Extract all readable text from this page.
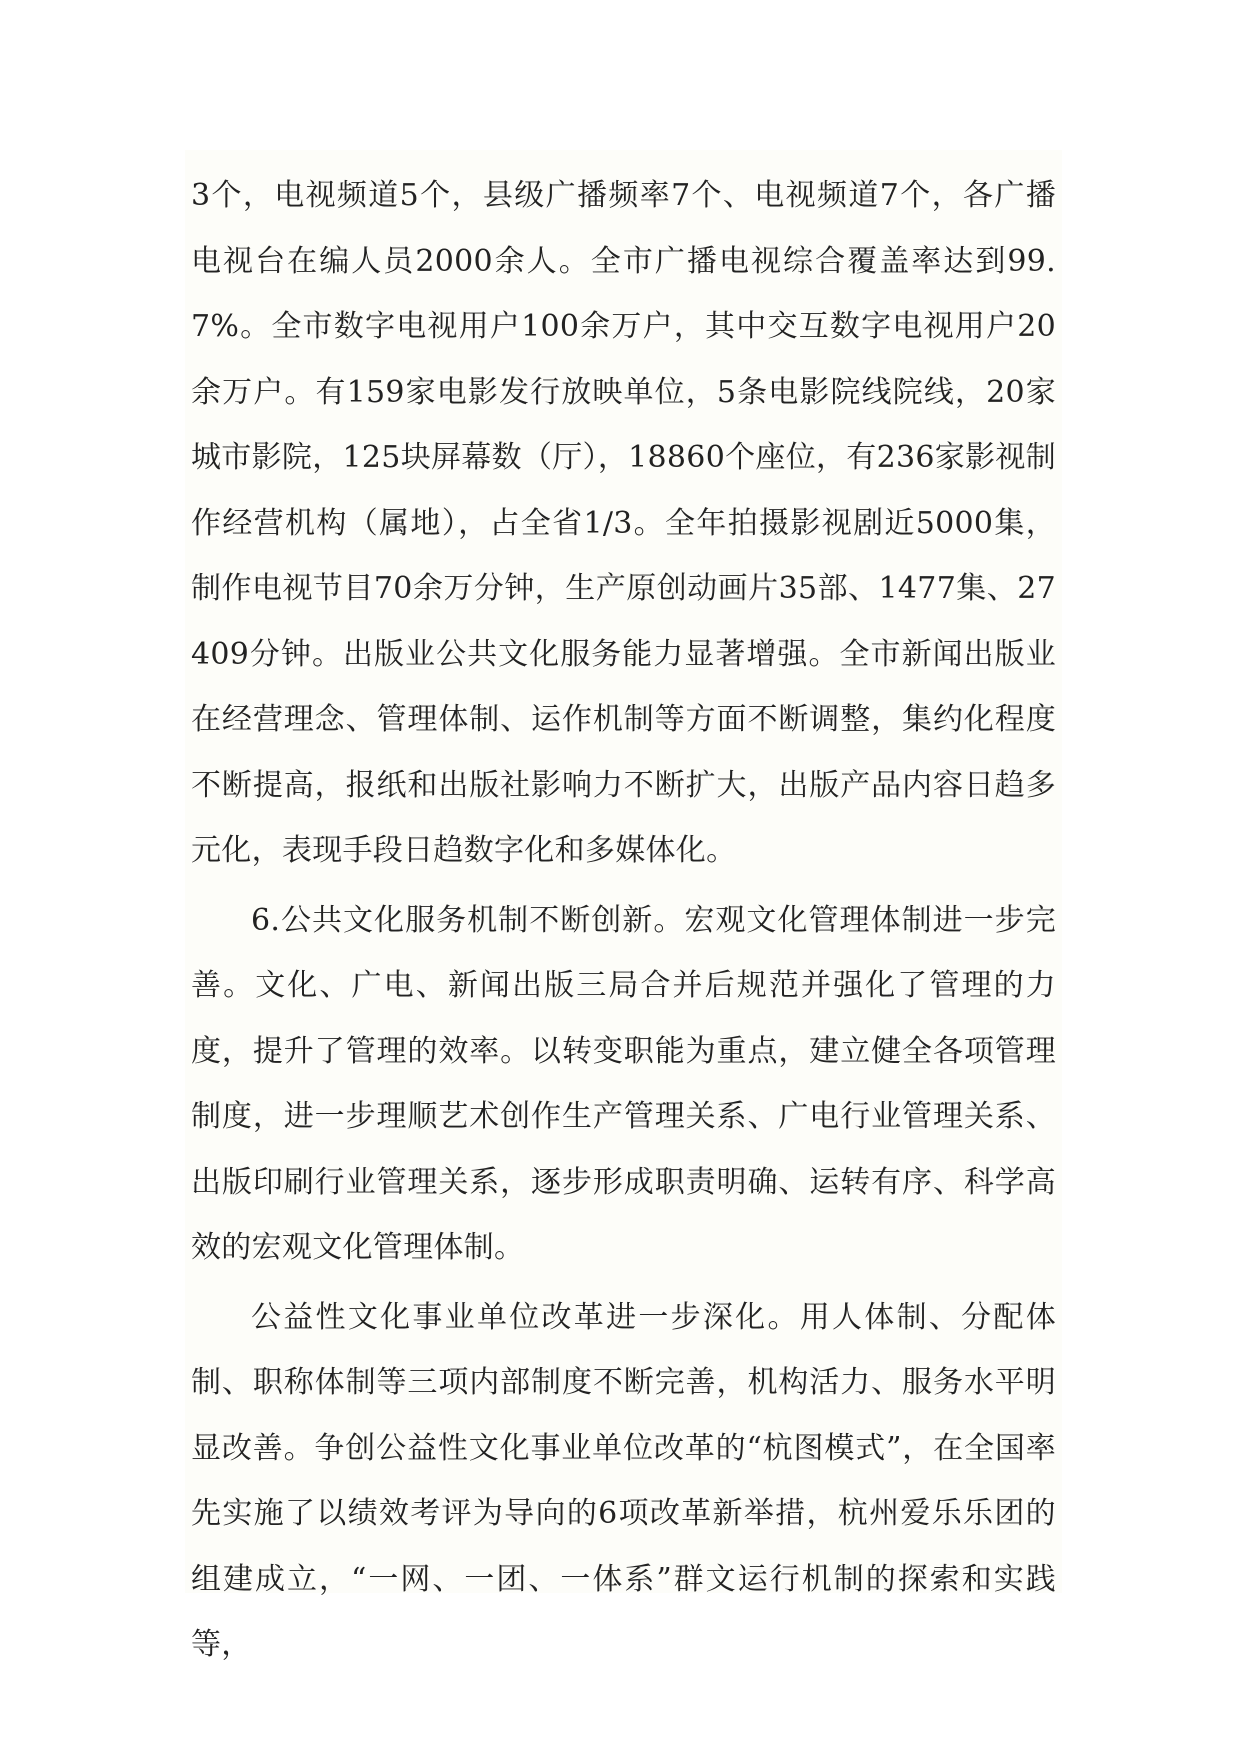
3个，电视频道5个，县级广播频率7个、电视频道7个，各广播电视台在编人员2000余人。全市广播电视综合覆盖率达到99.7%。全市数字电视用户100余万户，其中交互数字电视用户20余万户。有159家电影发行放映单位，5条电影院线院线，20家城市影院，125块屏幕数（厅），18860个座位，有236家影视制作经营机构（属地），占全省1/3。全年拍摄影视剧近5000集，制作电视节目70余万分钟，生产原创动画片35部、1477集、27409分钟。出版业公共文化服务能力显著增强。全市新闻出版业在经营理念、管理体制、运作机制等方面不断调整，集约化程度不断提高，报纸和出版社影响力不断扩大，出版产品内容日趋多元化，表现手段日趋数字化和多媒体化。

6.公共文化服务机制不断创新。宏观文化管理体制进一步完善。文化、广电、新闻出版三局合并后规范并强化了管理的力度，提升了管理的效率。以转变职能为重点，建立健全各项管理制度，进一步理顺艺术创作生产管理关系、广电行业管理关系、出版印刷行业管理关系，逐步形成职责明确、运转有序、科学高效的宏观文化管理体制。

公益性文化事业单位改革进一步深化。用人体制、分配体制、职称体制等三项内部制度不断完善，机构活力、服务水平明显改善。争创公益性文化事业单位改革的“杭图模式”，在全国率先实施了以绩效考评为导向的6项改革新举措，杭州爱乐乐团的组建成立，“一网、一团、一体系”群文运行机制的探索和实践等，
